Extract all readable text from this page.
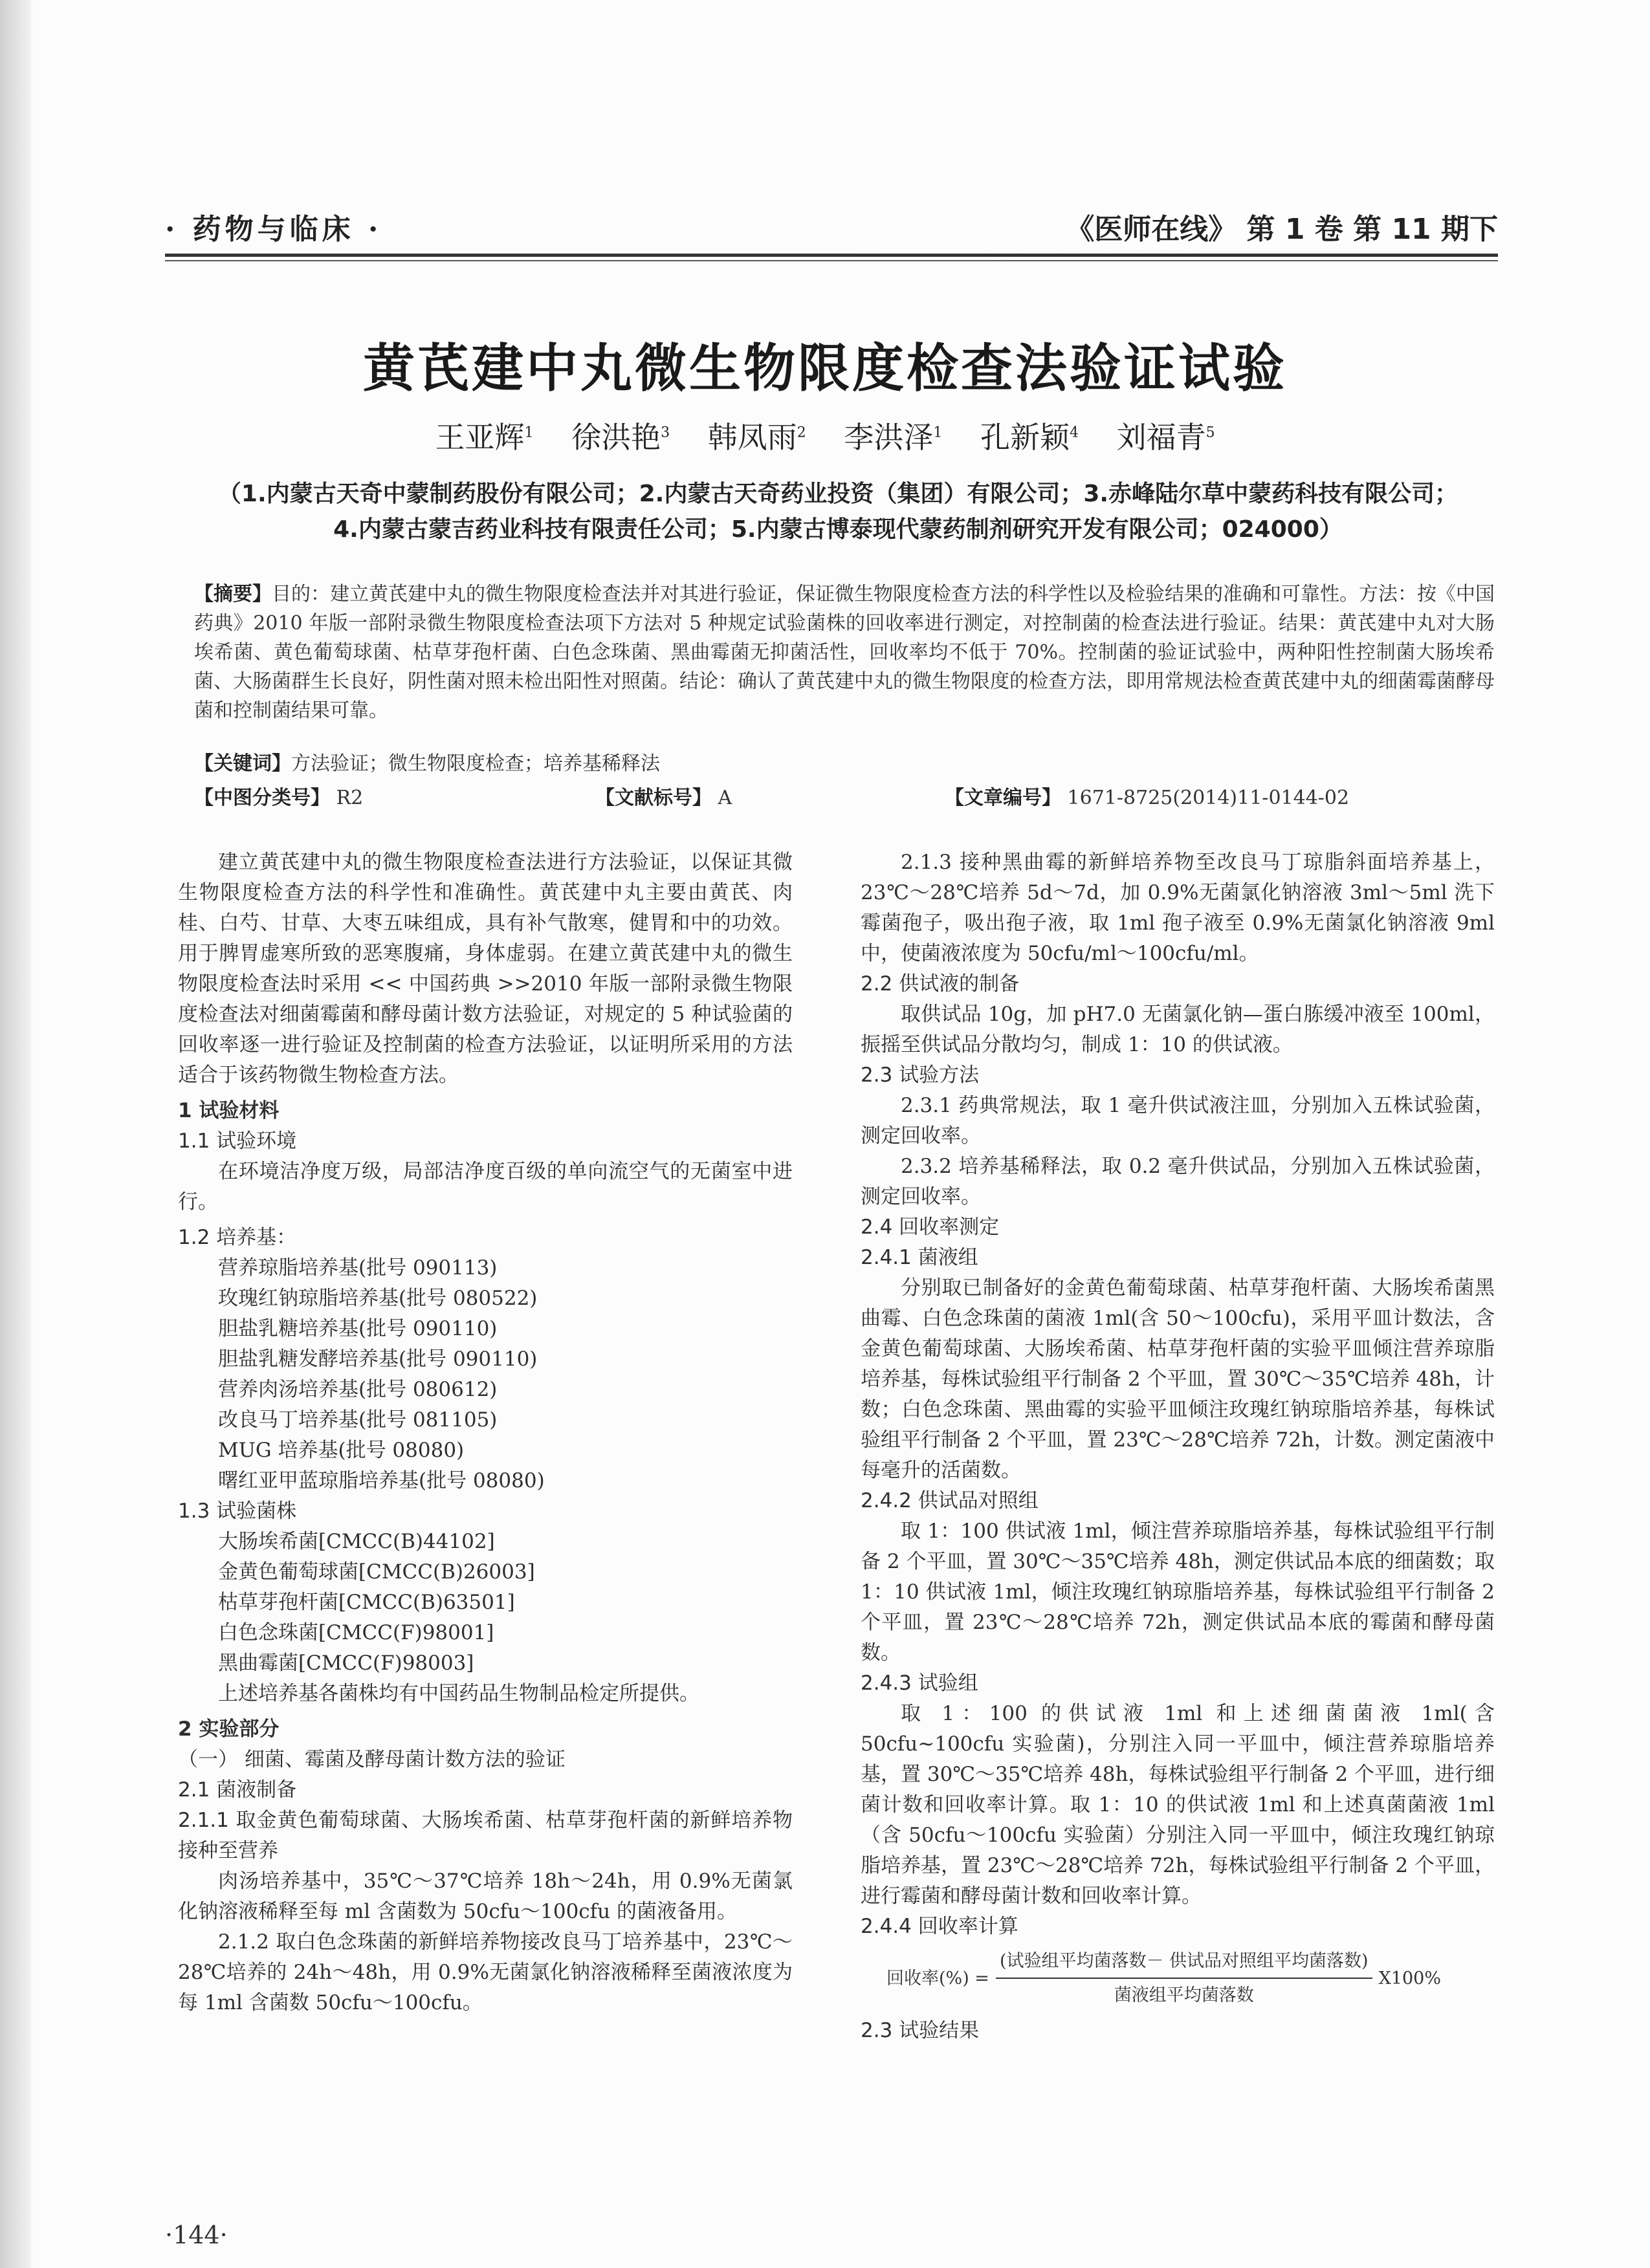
· 药物与临床 ·	《医师在线》 第 1 卷 第 11 期下
黄芪建中丸微生物限度检查法验证试验
王亚辉$^1$ 徐洪艳$^3$ 韩凤雨$^2$ 李洪泽$^1$ 孔新颖$^4$ 刘福青$^5$
（1.内蒙古天奇中蒙制药股份有限公司；2.内蒙古天奇药业投资（集团）有限公司；3.赤峰陆尔草中蒙药科技有限公司；
4.内蒙古蒙吉药业科技有限责任公司；5.内蒙古博泰现代蒙药制剂研究开发有限公司；024000）
【摘要】目的：建立黄芪建中丸的微生物限度检查法并对其进行验证，保证微生物限度检查方法的科学性以及检验结果的准确和可靠性。方法：按《中国药典》2010 年版一部附录微生物限度检查法项下方法对 5 种规定试验菌株的回收率进行测定，对控制菌的检查法进行验证。结果：黄芪建中丸对大肠埃希菌、黄色葡萄球菌、枯草芽孢杆菌、白色念珠菌、黑曲霉菌无抑菌活性，回收率均不低于 70%。控制菌的验证试验中，两种阳性控制菌大肠埃希菌、大肠菌群生长良好，阴性菌对照未检出阳性对照菌。结论：确认了黄芪建中丸的微生物限度的检查方法，即用常规法检查黄芪建中丸的细菌霉菌酵母菌和控制菌结果可靠。
【关键词】方法验证；微生物限度检查；培养基稀释法
【中图分类号】 R2	【文献标号】 A	【文章编号】 1671-8725(2014)11-0144-02

建立黄芪建中丸的微生物限度检查法进行方法验证，以保证其微生物限度检查方法的科学性和准确性。黄芪建中丸主要由黄芪、肉桂、白芍、甘草、大枣五味组成，具有补气散寒，健胃和中的功效。用于脾胃虚寒所致的恶寒腹痛，身体虚弱。在建立黄芪建中丸的微生物限度检查法时采用 << 中国药典 >>2010 年版一部附录微生物限度检查法对细菌霉菌和酵母菌计数方法验证，对规定的 5 种试验菌的回收率逐一进行验证及控制菌的检查方法验证，以证明所采用的方法适合于该药物微生物检查方法。

1 试验材料

1.1 试验环境

在环境洁净度万级，局部洁净度百级的单向流空气的无菌室中进行。

1.2 培养基：

营养琼脂培养基(批号 090113)

玫瑰红钠琼脂培养基(批号 080522)

胆盐乳糖培养基(批号 090110)

胆盐乳糖发酵培养基(批号 090110)

营养肉汤培养基(批号 080612)

改良马丁培养基(批号 081105)

MUG 培养基(批号 08080)

曙红亚甲蓝琼脂培养基(批号 08080)

1.3 试验菌株

大肠埃希菌[CMCC(B)44102]

金黄色葡萄球菌[CMCC(B)26003]

枯草芽孢杆菌[CMCC(B)63501]

白色念珠菌[CMCC(F)98001]

黑曲霉菌[CMCC(F)98003]

上述培养基各菌株均有中国药品生物制品检定所提供。

2 实验部分

（一） 细菌、霉菌及酵母菌计数方法的验证

2.1 菌液制备

2.1.1 取金黄色葡萄球菌、大肠埃希菌、枯草芽孢杆菌的新鲜培养物接种至营养

肉汤培养基中，35℃～37℃培养 18h～24h，用 0.9%无菌氯化钠溶液稀释至每 ml 含菌数为 50cfu～100cfu 的菌液备用。

2.1.2 取白色念珠菌的新鲜培养物接改良马丁培养基中，23℃～28℃培养的 24h～48h，用 0.9%无菌氯化钠溶液稀释至菌液浓度为每 1ml 含菌数 50cfu～100cfu。

2.1.3 接种黑曲霉的新鲜培养物至改良马丁琼脂斜面培养基上，23℃～28℃培养 5d～7d，加 0.9%无菌氯化钠溶液 3ml～5ml 洗下霉菌孢子，吸出孢子液，取 1ml 孢子液至 0.9%无菌氯化钠溶液 9ml 中，使菌液浓度为 50cfu/ml～100cfu/ml。

2.2 供试液的制备

取供试品 10g，加 pH7.0 无菌氯化钠—蛋白胨缓冲液至 100ml，振摇至供试品分散均匀，制成 1：10 的供试液。

2.3 试验方法

2.3.1 药典常规法，取 1 毫升供试液注皿，分别加入五株试验菌，测定回收率。

2.3.2 培养基稀释法，取 0.2 毫升供试品，分别加入五株试验菌，测定回收率。

2.4 回收率测定

2.4.1 菌液组

分别取已制备好的金黄色葡萄球菌、枯草芽孢杆菌、大肠埃希菌黑曲霉、白色念珠菌的菌液 1ml(含 50～100cfu)，采用平皿计数法，含金黄色葡萄球菌、大肠埃希菌、枯草芽孢杆菌的实验平皿倾注营养琼脂培养基，每株试验组平行制备 2 个平皿，置 30℃～35℃培养 48h，计数；白色念珠菌、黑曲霉的实验平皿倾注玫瑰红钠琼脂培养基，每株试验组平行制备 2 个平皿，置 23℃～28℃培养 72h，计数。测定菌液中每毫升的活菌数。

2.4.2 供试品对照组

取 1：100 供试液 1ml，倾注营养琼脂培养基，每株试验组平行制备 2 个平皿，置 30℃～35℃培养 48h，测定供试品本底的细菌数；取 1：10 供试液 1ml，倾注玫瑰红钠琼脂培养基，每株试验组平行制备 2 个平皿，置 23℃～28℃培养 72h，测定供试品本底的霉菌和酵母菌数。

2.4.3 试验组

取 1：100 的供试液 1ml 和上述细菌菌液 1ml(含 50cfu~100cfu 实验菌)，分别注入同一平皿中，倾注营养琼脂培养基，置 30℃～35℃培养 48h，每株试验组平行制备 2 个平皿，进行细菌计数和回收率计算。取 1：10 的供试液 1ml 和上述真菌菌液 1ml （含 50cfu～100cfu 实验菌）分别注入同一平皿中，倾注玫瑰红钠琼脂培养基，置 23℃～28℃培养 72h，每株试验组平行制备 2 个平皿，进行霉菌和酵母菌计数和回收率计算。

2.4.4 回收率计算

回收率(%) = $\frac{\text{(试验组平均菌落数－ 供试品对照组平均菌落数)}}{\text{菌液组平均菌落数}} X100\%$

2.3 试验结果

·144·
